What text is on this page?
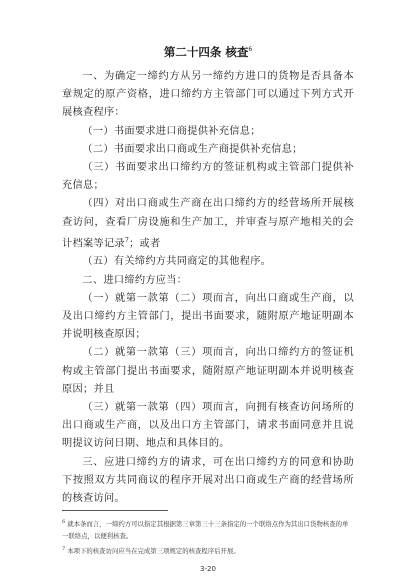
第二十四条 核查$^6$

一、为确定一缔约方从另一缔约方进口的货物是否具备本章规定的原产资格，进口缔约方主管部门可以通过下列方式开展核查程序：

（一）书面要求进口商提供补充信息；

（二）书面要求出口商或生产商提供补充信息；

（三）书面要求出口缔约方的签证机构或主管部门提供补充信息；

（四）对出口商或生产商在出口缔约方的经营场所开展核查访问，查看厂房设施和生产加工，并审查与原产地相关的会计档案等记录$^7$；或者

（五）有关缔约方共同商定的其他程序。

二、进口缔约方应当：

（一）就第一款第（二）项而言，向出口商或生产商，以及出口缔约方主管部门，提出书面要求，随附原产地证明副本并说明核查原因；

（二）就第一款第（三）项而言，向出口缔约方的签证机构或主管部门提出书面要求，随附原产地证明副本并说明核查原因；并且

（三）就第一款第（四）项而言，向拥有核查访问场所的出口商或生产商，以及出口方主管部门，请求书面同意并且说明提议访问日期、地点和具体目的。

三、应进口缔约方的请求，可在出口缔约方的同意和协助下按照双方共同商议的程序开展对出口商或生产商的经营场所的核查访问。

$^6$ 就本条而言，一缔约方可以指定其根据第三章第三十三条指定的一个联络点作为其出口货物核查的单一联络点，以便利核查。
$^7$ 本项下的核查访问应当在完成第三项规定的核查程序后开展。
3-20
